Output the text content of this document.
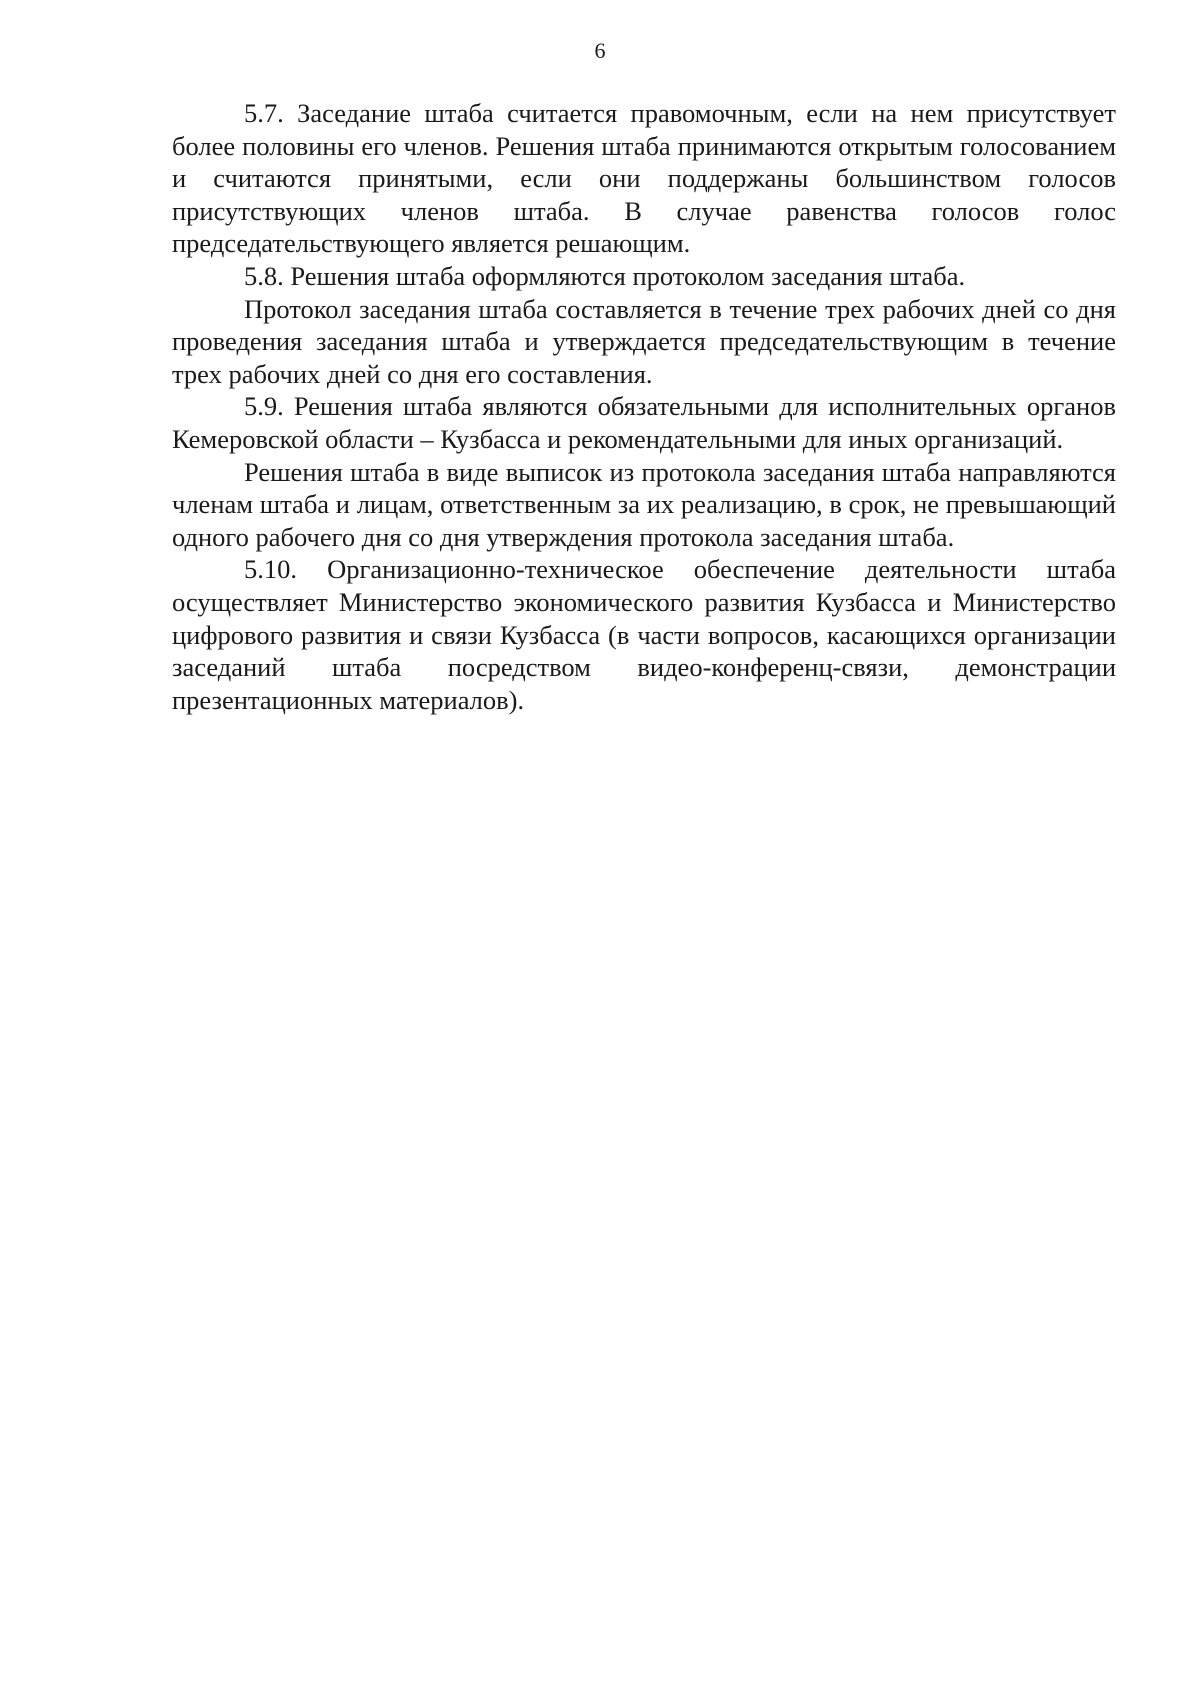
6

5.7. Заседание штаба считается правомочным, если на нем присутствует более половины его членов. Решения штаба принимаются открытым голосованием и считаются принятыми, если они поддержаны большинством голосов присутствующих членов штаба. В случае равенства голосов голос председательствующего является решающим.

5.8. Решения штаба оформляются протоколом заседания штаба.

Протокол заседания штаба составляется в течение трех рабочих дней со дня проведения заседания штаба и утверждается председательствующим в течение трех рабочих дней со дня его составления.

5.9. Решения штаба являются обязательными для исполнительных органов Кемеровской области – Кузбасса и рекомендательными для иных организаций.

Решения штаба в виде выписок из протокола заседания штаба направляются членам штаба и лицам, ответственным за их реализацию, в срок, не превышающий одного рабочего дня со дня утверждения протокола заседания штаба.

5.10. Организационно-техническое обеспечение деятельности штаба осуществляет Министерство экономического развития Кузбасса и Министерство цифрового развития и связи Кузбасса (в части вопросов, касающихся организации заседаний штаба посредством видео-конференц-связи, демонстрации презентационных материалов).
